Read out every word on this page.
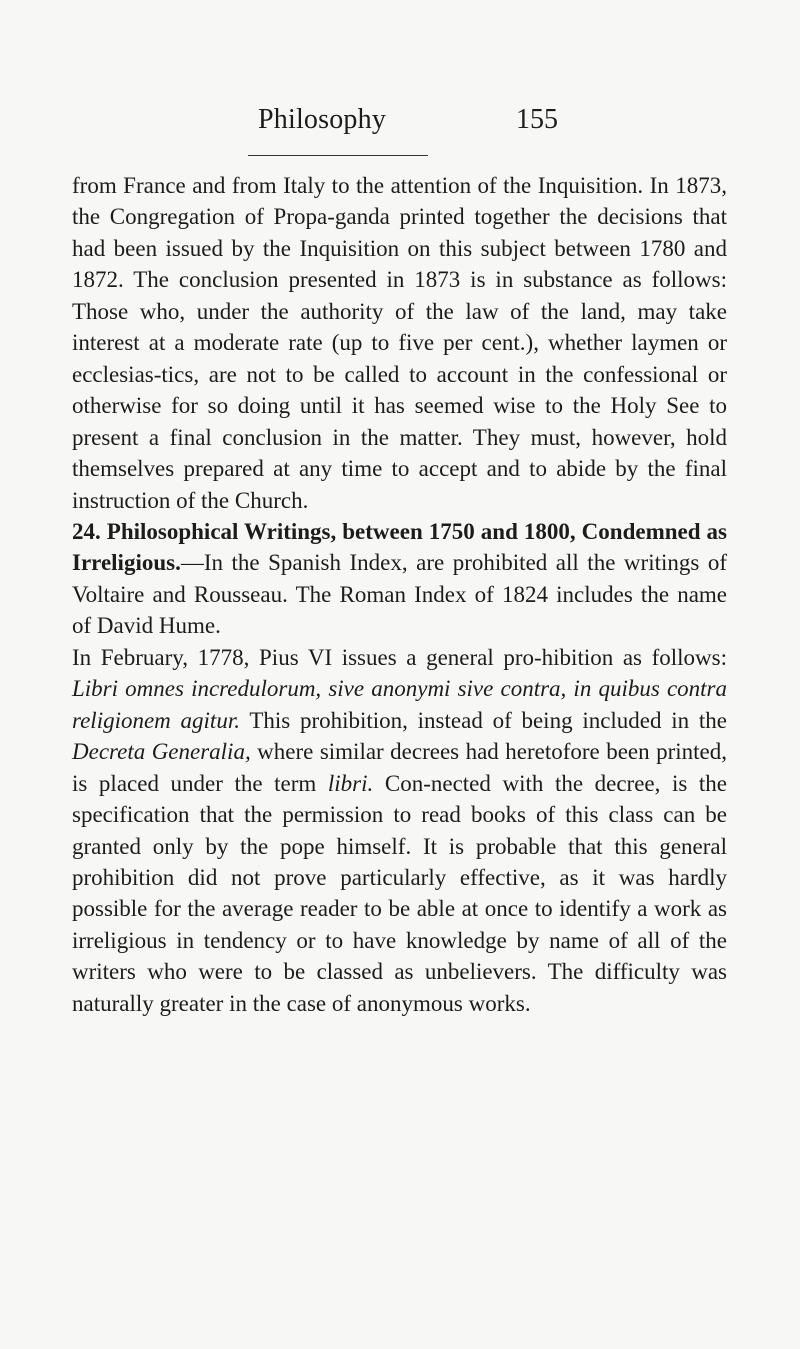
Philosophy	155

from France and from Italy to the attention of the Inquisition. In 1873, the Congregation of Propa-ganda printed together the decisions that had been issued by the Inquisition on this subject between 1780 and 1872. The conclusion presented in 1873 is in substance as follows: Those who, under the authority of the law of the land, may take interest at a moderate rate (up to five per cent.), whether laymen or ecclesias-tics, are not to be called to account in the confessional or otherwise for so doing until it has seemed wise to the Holy See to present a final conclusion in the matter. They must, however, hold themselves prepared at any time to accept and to abide by the final instruction of the Church.

24. Philosophical Writings, between 1750 and 1800, Condemned as Irreligious.—In the Spanish Index, are prohibited all the writings of Voltaire and Rousseau. The Roman Index of 1824 includes the name of David Hume.

In February, 1778, Pius VI issues a general pro-hibition as follows: Libri omnes incredulorum, sive anonymi sive contra, in quibus contra religionem agitur. This prohibition, instead of being included in the Decreta Generalia, where similar decrees had heretofore been printed, is placed under the term libri. Con-nected with the decree, is the specification that the permission to read books of this class can be granted only by the pope himself. It is probable that this general prohibition did not prove particularly effective, as it was hardly possible for the average reader to be able at once to identify a work as irreligious in tendency or to have knowledge by name of all of the writers who were to be classed as unbelievers. The difficulty was naturally greater in the case of anonymous works.
